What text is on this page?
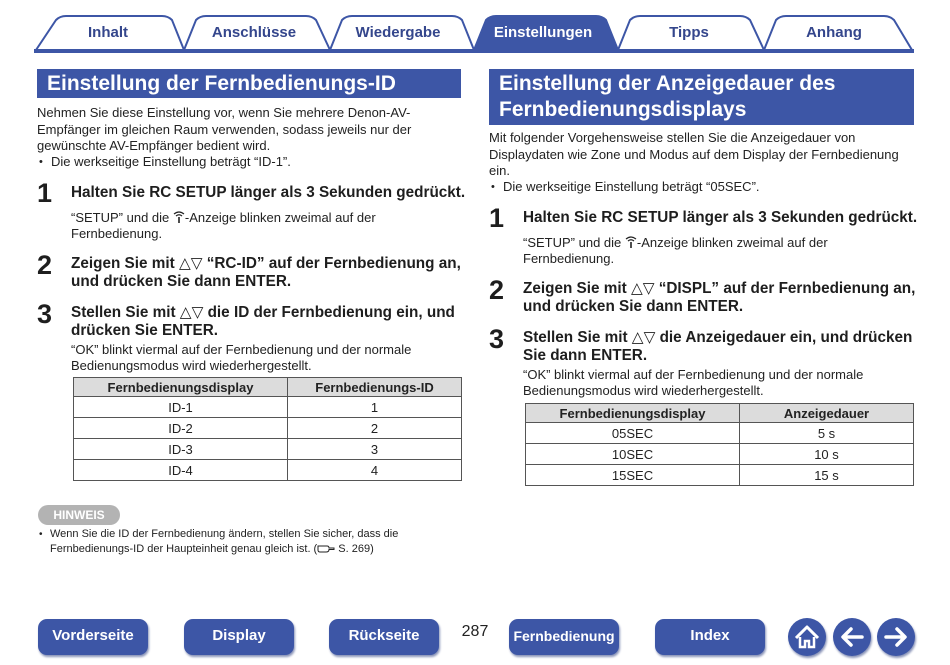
Inhalt	Anschlüsse	Wiedergabe	Einstellungen	Tipps	Anhang
Einstellung der Fernbedienungs-ID
Nehmen Sie diese Einstellung vor, wenn Sie mehrere Denon-AV-Empfänger im gleichen Raum verwenden, sodass jeweils nur der gewünschte AV-Empfänger bedient wird.
• Die werkseitige Einstellung beträgt “ID-1”.
1 Halten Sie RC SETUP länger als 3 Sekunden gedrückt.
“SETUP” und die -Anzeige blinken zweimal auf der
Fernbedienung.
2 Zeigen Sie mit △▽ “RC-ID” auf der Fernbedienung an, und drücken Sie dann ENTER.
3 Stellen Sie mit △▽ die ID der Fernbedienung ein, und drücken Sie ENTER.
“OK” blinkt viermal auf der Fernbedienung und der normale Bedienungsmodus wird wiederhergestellt.
Fernbedienungsdisplay	Fernbedienungs-ID
ID-1	1
ID-2	2
ID-3	3
ID-4	4
HINWEIS
• Wenn Sie die ID der Fernbedienung ändern, stellen Sie sicher, dass die
Fernbedienungs-ID der Haupteinheit genau gleich ist. ( S. 269)
Einstellung der Anzeigedauer des Fernbedienungsdisplays
Mit folgender Vorgehensweise stellen Sie die Anzeigedauer von Displaydaten wie Zone und Modus auf dem Display der Fernbedienung ein.
• Die werkseitige Einstellung beträgt “05SEC”.
1 Halten Sie RC SETUP länger als 3 Sekunden gedrückt.
“SETUP” und die -Anzeige blinken zweimal auf der
Fernbedienung.
2 Zeigen Sie mit △▽ “DISPL” auf der Fernbedienung an, und drücken Sie dann ENTER.
3 Stellen Sie mit △▽ die Anzeigedauer ein, und drücken Sie dann ENTER.
“OK” blinkt viermal auf der Fernbedienung und der normale Bedienungsmodus wird wiederhergestellt.
Fernbedienungsdisplay	Anzeigedauer
05SEC	5 s
10SEC	10 s
15SEC	15 s
Vorderseite	Display	Rückseite	287	Fernbedienung	Index
